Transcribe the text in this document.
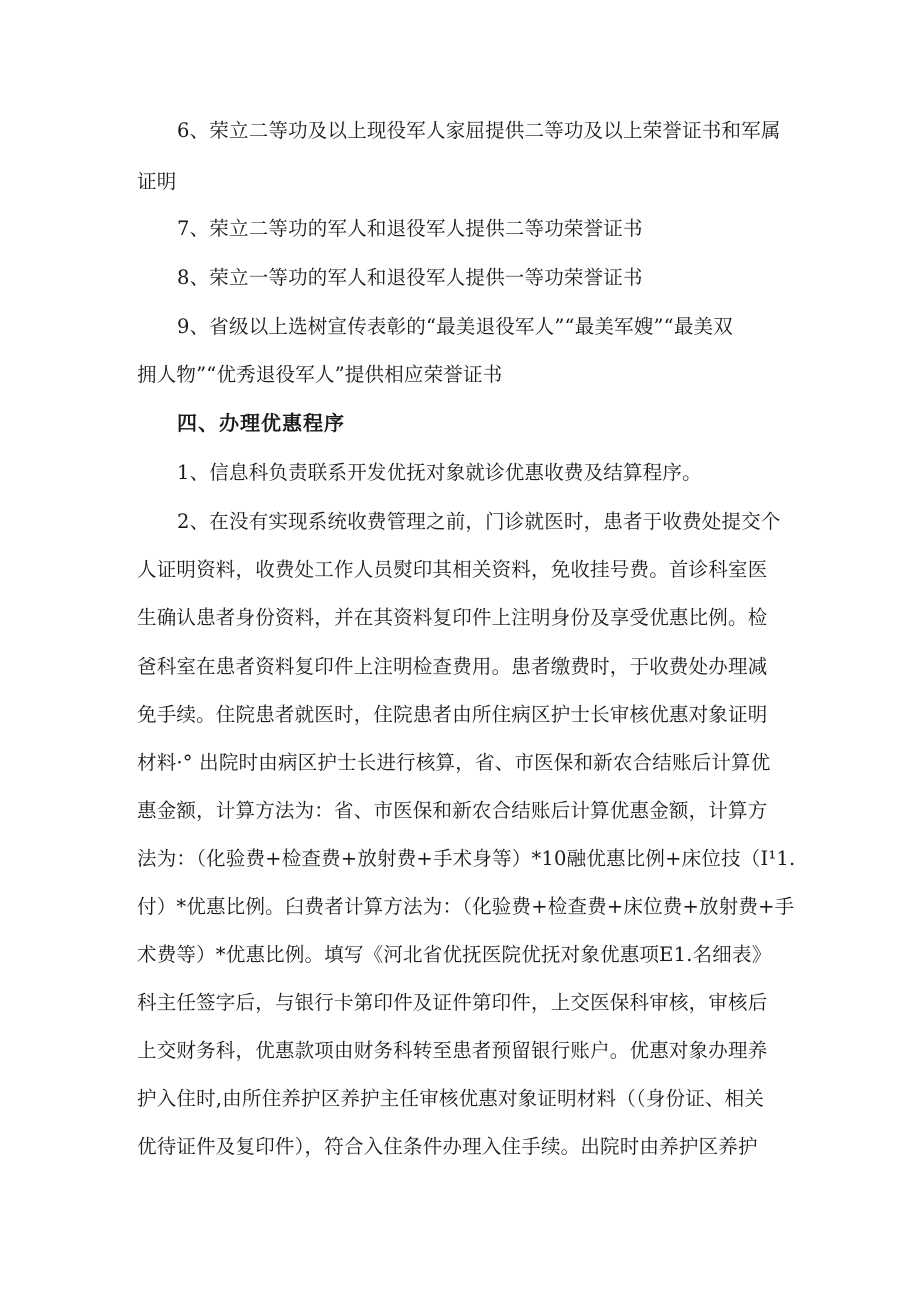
6、荣立二等功及以上现役军人家屈提供二等功及以上荣誉证书和军属
证明
7、荣立二等功的军人和退役军人提供二等功荣誉证书
8、荣立一等功的军人和退役军人提供一等功荣誉证书
9、省级以上选树宣传表彰的“最美退役军人”“最美军嫂”“最美双
拥人物”“优秀退役军人”提供相应荣誉证书
四、办理优惠程序
1、信息科负责联系开发优抚对象就诊优惠收费及结算程序。
2、在没有实现系统收费管理之前，门诊就医时，患者于收费处提交个
人证明资料，收费处工作人员熨印其相关资料，免收挂号费。首诊科室医
生确认患者身份资料，并在其资料复印件上注明身份及享受优惠比例。检
爸科室在患者资料复印件上注明检查费用。患者缴费时，于收费处办理减
免手续。住院患者就医时，住院患者由所住病区护士长审核优惠对象证明
材料·° 出院时由病区护士长进行核算，省、市医保和新农合结账后计算优
惠金额，计算方法为：省、市医保和新农合结账后计算优惠金额，计算方
法为：（化验费+检查费+放射费+手术身等）*10融优惠比例+床位技（I¹1.
付）*优惠比例。臼费者计算方法为：（化验费+检查费+床位费+放射费+手
术费等）*优惠比例。填写《河北省优抚医院优抚对象优惠项E1.名细表》
科主任签字后，与银行卡第印件及证件第印件，上交医保科审核，审核后
上交财务科，优惠款项由财务科转至患者预留银行账户。优惠对象办理养
护入住时,由所住养护区养护主任审核优惠对象证明材料（（身份证、相关
优待证件及复印件），符合入住条件办理入住手续。出院时由养护区养护
